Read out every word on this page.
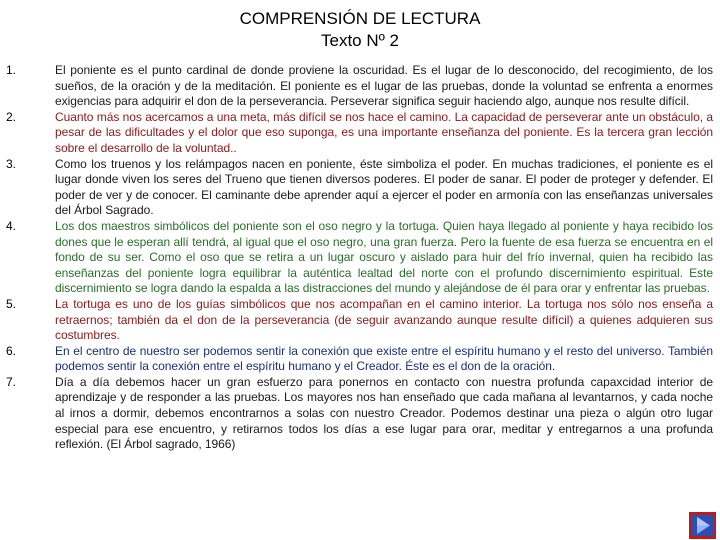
COMPRENSIÓN DE LECTURA
Texto Nº 2
1.	El poniente es el punto cardinal de donde proviene la oscuridad. Es el lugar de lo desconocido, del recogimiento, de los sueños, de la oración y de la meditación. El poniente es el lugar de las pruebas, donde la voluntad se enfrenta a enormes exigencias para adquirir el don de la perseverancia. Perseverar significa seguir haciendo algo, aunque nos resulte difícil.
2.	Cuanto más nos acercamos a una meta, más difícil se nos hace el camino. La capacidad de perseverar ante un obstáculo, a pesar de las dificultades y el dolor que eso suponga, es una importante enseñanza del poniente. Es la tercera gran lección sobre el desarrollo de la voluntad..
3.	Como los truenos y los relámpagos nacen en poniente, éste simboliza el poder. En muchas tradiciones, el poniente es el lugar donde viven los seres del Trueno que tienen diversos poderes. El poder de sanar. El poder de proteger y defender. El poder de ver y de conocer. El caminante debe aprender aquí a ejercer el poder en armonía con las enseñanzas universales del Árbol Sagrado.
4.	Los dos maestros simbólicos del poniente son el oso negro y la tortuga. Quien haya llegado al poniente y haya recibido los dones que le esperan allí tendrá, al igual que el oso negro, una gran fuerza. Pero la fuente de esa fuerza se encuentra en el fondo de su ser. Como el oso que se retira a un lugar oscuro y aislado para huir del frío invernal, quien ha recibido las enseñanzas del poniente logra equilibrar la auténtica lealtad del norte con el profundo discernimiento espiritual. Este discernimiento se logra dando la espalda a las distracciones del mundo y alejándose de él para orar y enfrentar las pruebas.
5.	La tortuga es uno de los guías simbólicos que nos acompañan en el camino interior. La tortuga nos sólo nos enseña a retraernos; también da el don de la perseverancia (de seguir avanzando aunque resulte difícil) a quienes adquieren sus costumbres.
6.	En el centro de nuestro ser podemos sentir la conexión que existe entre el espíritu humano y el resto del universo. También podemos sentir la conexión entre el espíritu humano y el Creador. Éste es el don de la oración.
7.	Día a día debemos hacer un gran esfuerzo para ponernos en contacto con nuestra profunda capaxcidad interior de aprendizaje y de responder a las pruebas. Los mayores nos han enseñado que cada mañana al levantarnos, y cada noche al irnos a dormir, debemos encontrarnos a solas con nuestro Creador. Podemos destinar una pieza o algún otro lugar especial para ese encuentro, y retirarnos todos los días a ese lugar para orar, meditar y entregarnos a una profunda reflexión. (El Árbol sagrado, 1966)
